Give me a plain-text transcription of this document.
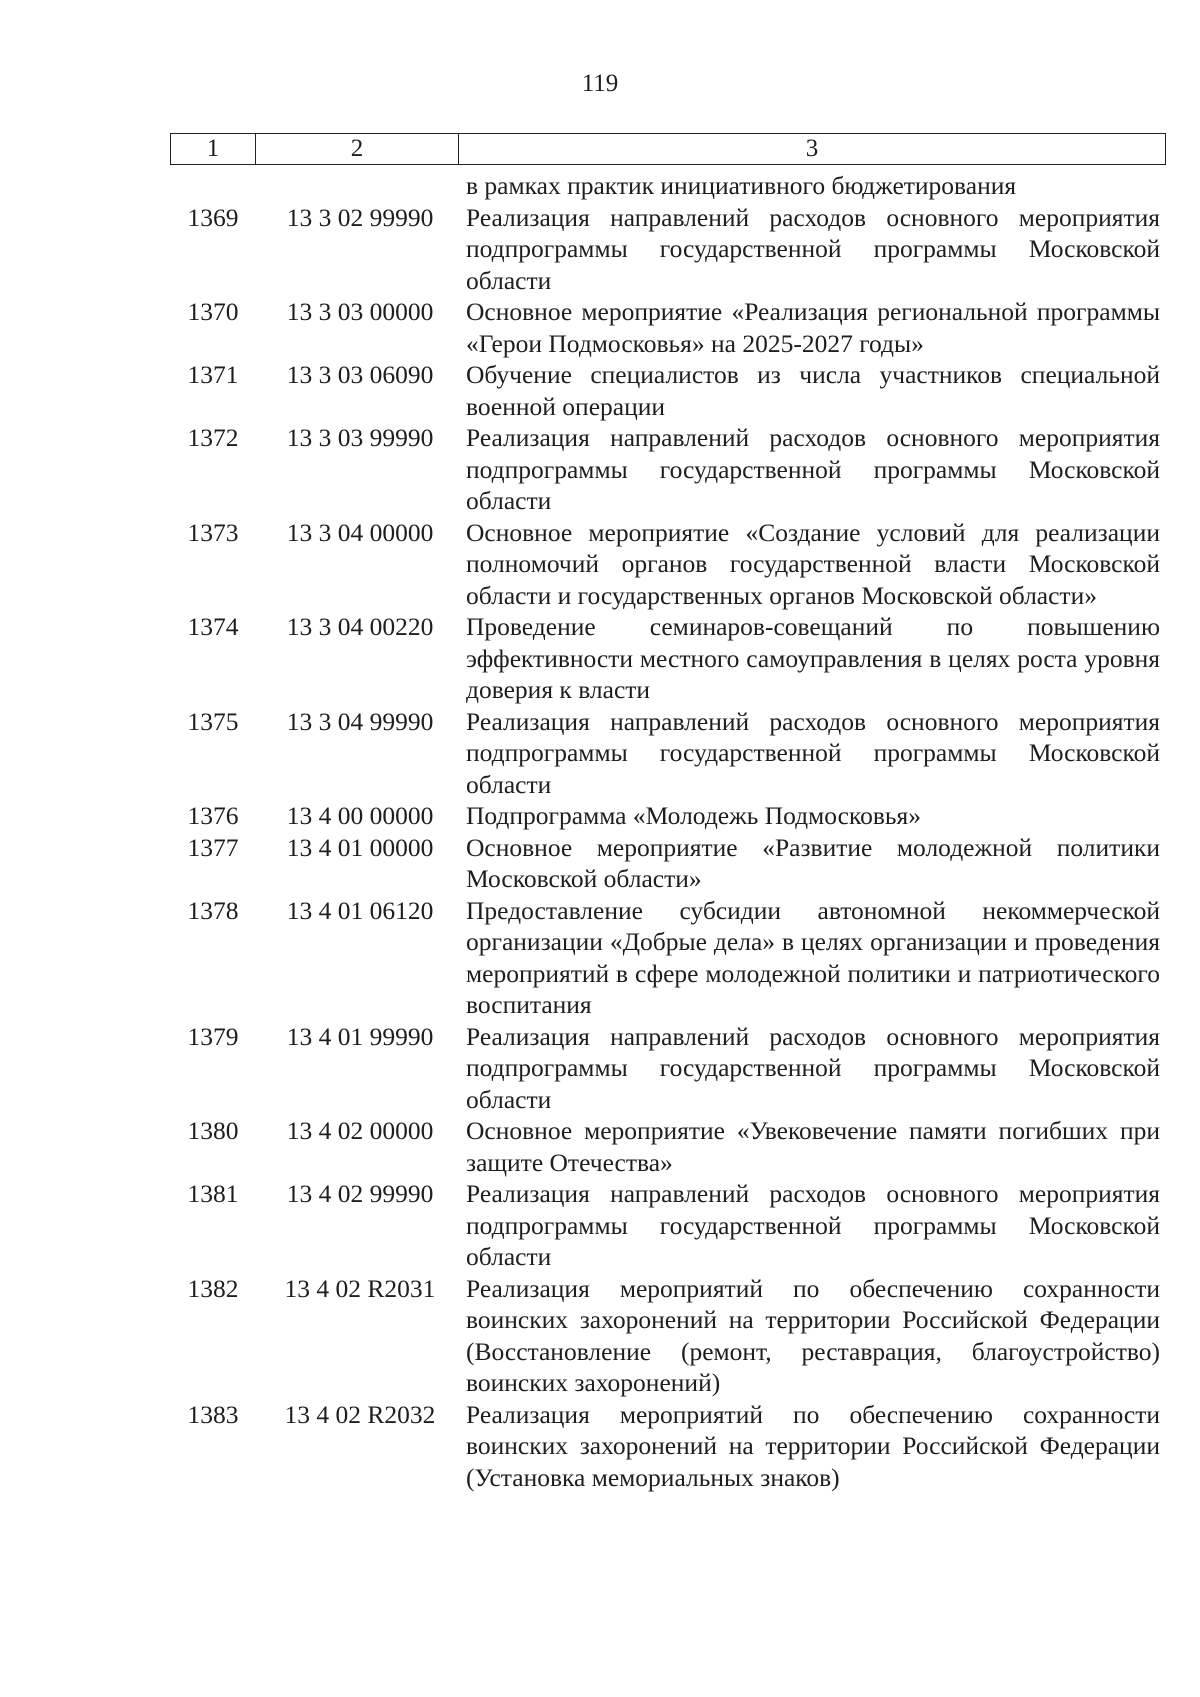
119
1	2	3
в рамках практик инициативного бюджетирования
1369	13 3 02 99990	Реализация направлений расходов основного мероприятия подпрограммы государственной программы Московской области
1370	13 3 03 00000	Основное мероприятие «Реализация региональной программы «Герои Подмосковья» на 2025-2027 годы»
1371	13 3 03 06090	Обучение специалистов из числа участников специальной военной операции
1372	13 3 03 99990	Реализация направлений расходов основного мероприятия подпрограммы государственной программы Московской области
1373	13 3 04 00000	Основное мероприятие «Создание условий для реализации полномочий органов государственной власти Московской области и государственных органов Московской области»
1374	13 3 04 00220	Проведение семинаров-совещаний по повышению эффективности местного самоуправления в целях роста уровня доверия к власти
1375	13 3 04 99990	Реализация направлений расходов основного мероприятия подпрограммы государственной программы Московской области
1376	13 4 00 00000	Подпрограмма «Молодежь Подмосковья»
1377	13 4 01 00000	Основное мероприятие «Развитие молодежной политики Московской области»
1378	13 4 01 06120	Предоставление субсидии автономной некоммерческой организации «Добрые дела» в целях организации и проведения мероприятий в сфере молодежной политики и патриотического воспитания
1379	13 4 01 99990	Реализация направлений расходов основного мероприятия подпрограммы государственной программы Московской области
1380	13 4 02 00000	Основное мероприятие «Увековечение памяти погибших при защите Отечества»
1381	13 4 02 99990	Реализация направлений расходов основного мероприятия подпрограммы государственной программы Московской области
1382	13 4 02 R2031	Реализация мероприятий по обеспечению сохранности воинских захоронений на территории Российской Федерации (Восстановление (ремонт, реставрация, благоустройство) воинских захоронений)
1383	13 4 02 R2032	Реализация мероприятий по обеспечению сохранности воинских захоронений на территории Российской Федерации (Установка мемориальных знаков)
